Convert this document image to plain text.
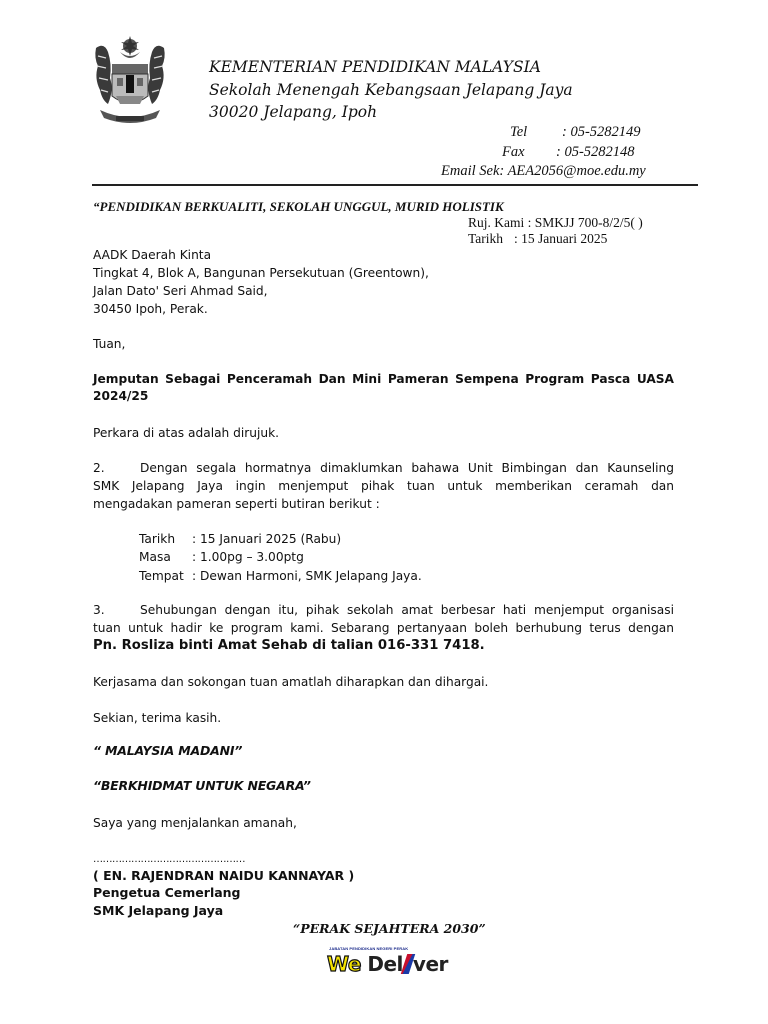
KEMENTERIAN PENDIDIKAN MALAYSIA
Sekolah Menengah Kebangsaan Jelapang Jaya
30020 Jelapang, Ipoh
Tel : 05-5282149
Fax : 05-5282148
Email Sek: AEA2056@moe.edu.my
“PENDIDIKAN BERKUALITI, SEKOLAH UNGGUL, MURID HOLISTIK
Ruj. Kami : SMKJJ 700-8/2/5( )
Tarikh : 15 Januari 2025
AADK Daerah Kinta
Tingkat 4, Blok A, Bangunan Persekutuan (Greentown),
Jalan Dato' Seri Ahmad Said,
30450 Ipoh, Perak.
Tuan,
Jemputan Sebagai Penceramah Dan Mini Pameran Sempena Program Pasca UASA 2024/25
Perkara di atas adalah dirujuk.
2.	Dengan segala hormatnya dimaklumkan bahawa Unit Bimbingan dan Kaunseling
SMK Jelapang Jaya ingin menjemput pihak tuan untuk memberikan ceramah dan
mengadakan pameran seperti butiran berikut :
Tarikh : 15 Januari 2025 (Rabu)
Masa : 1.00pg – 3.00ptg
Tempat : Dewan Harmoni, SMK Jelapang Jaya.
3.	Sehubungan dengan itu, pihak sekolah amat berbesar hati menjemput organisasi
tuan untuk hadir ke program kami. Sebarang pertanyaan boleh berhubung terus dengan
Pn. Rosliza binti Amat Sehab di talian 016-331 7418.
Kerjasama dan sokongan tuan amatlah diharapkan dan dihargai.
Sekian, terima kasih.
“ MALAYSIA MADANI”
“BERKHIDMAT UNTUK NEGARA”
Saya yang menjalankan amanah,
…………………………………………
( EN. RAJENDRAN NAIDU KANNAYAR )
Pengetua Cemerlang
SMK Jelapang Jaya
“PERAK SEJAHTERA 2030”
JABATAN PENDIDIKAN NEGERI PERAK
We Del ver
